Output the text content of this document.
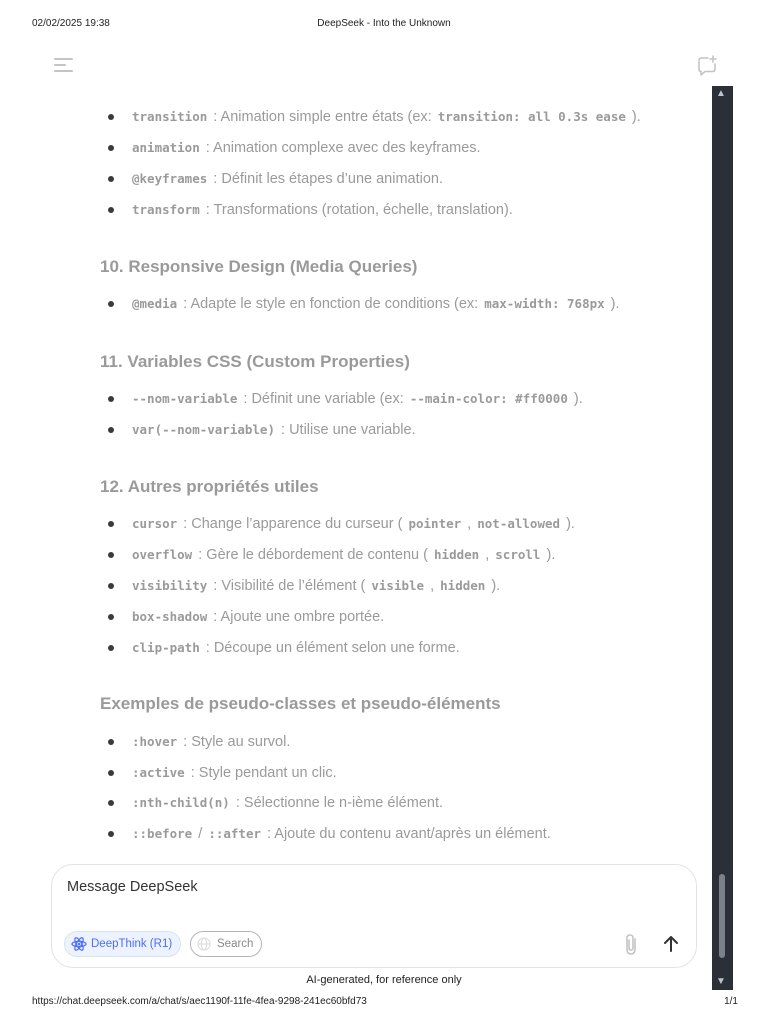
02/02/2025 19:38	DeepSeek - Into the Unknown
transition : Animation simple entre états (ex: transition: all 0.3s ease ).
animation : Animation complexe avec des keyframes.
@keyframes : Définit les étapes d’une animation.
transform : Transformations (rotation, échelle, translation).
10. Responsive Design (Media Queries)
@media : Adapte le style en fonction de conditions (ex: max-width: 768px ).
11. Variables CSS (Custom Properties)
--nom-variable : Définit une variable (ex: --main-color: #ff0000 ).
var(--nom-variable) : Utilise une variable.
12. Autres propriétés utiles
cursor : Change l’apparence du curseur ( pointer , not-allowed ).
overflow : Gère le débordement de contenu ( hidden , scroll ).
visibility : Visibilité de l’élément ( visible , hidden ).
box-shadow : Ajoute une ombre portée.
clip-path : Découpe un élément selon une forme.
Exemples de pseudo-classes et pseudo-éléments
:hover : Style au survol.
:active : Style pendant un clic.
:nth-child(n) : Sélectionne le n-ième élément.
::before / ::after : Ajoute du contenu avant/après un élément.
▲
▼
Message DeepSeek
DeepThink (R1)	Search
AI-generated, for reference only
https://chat.deepseek.com/a/chat/s/aec1190f-11fe-4fea-9298-241ec60bfd73	1/1
